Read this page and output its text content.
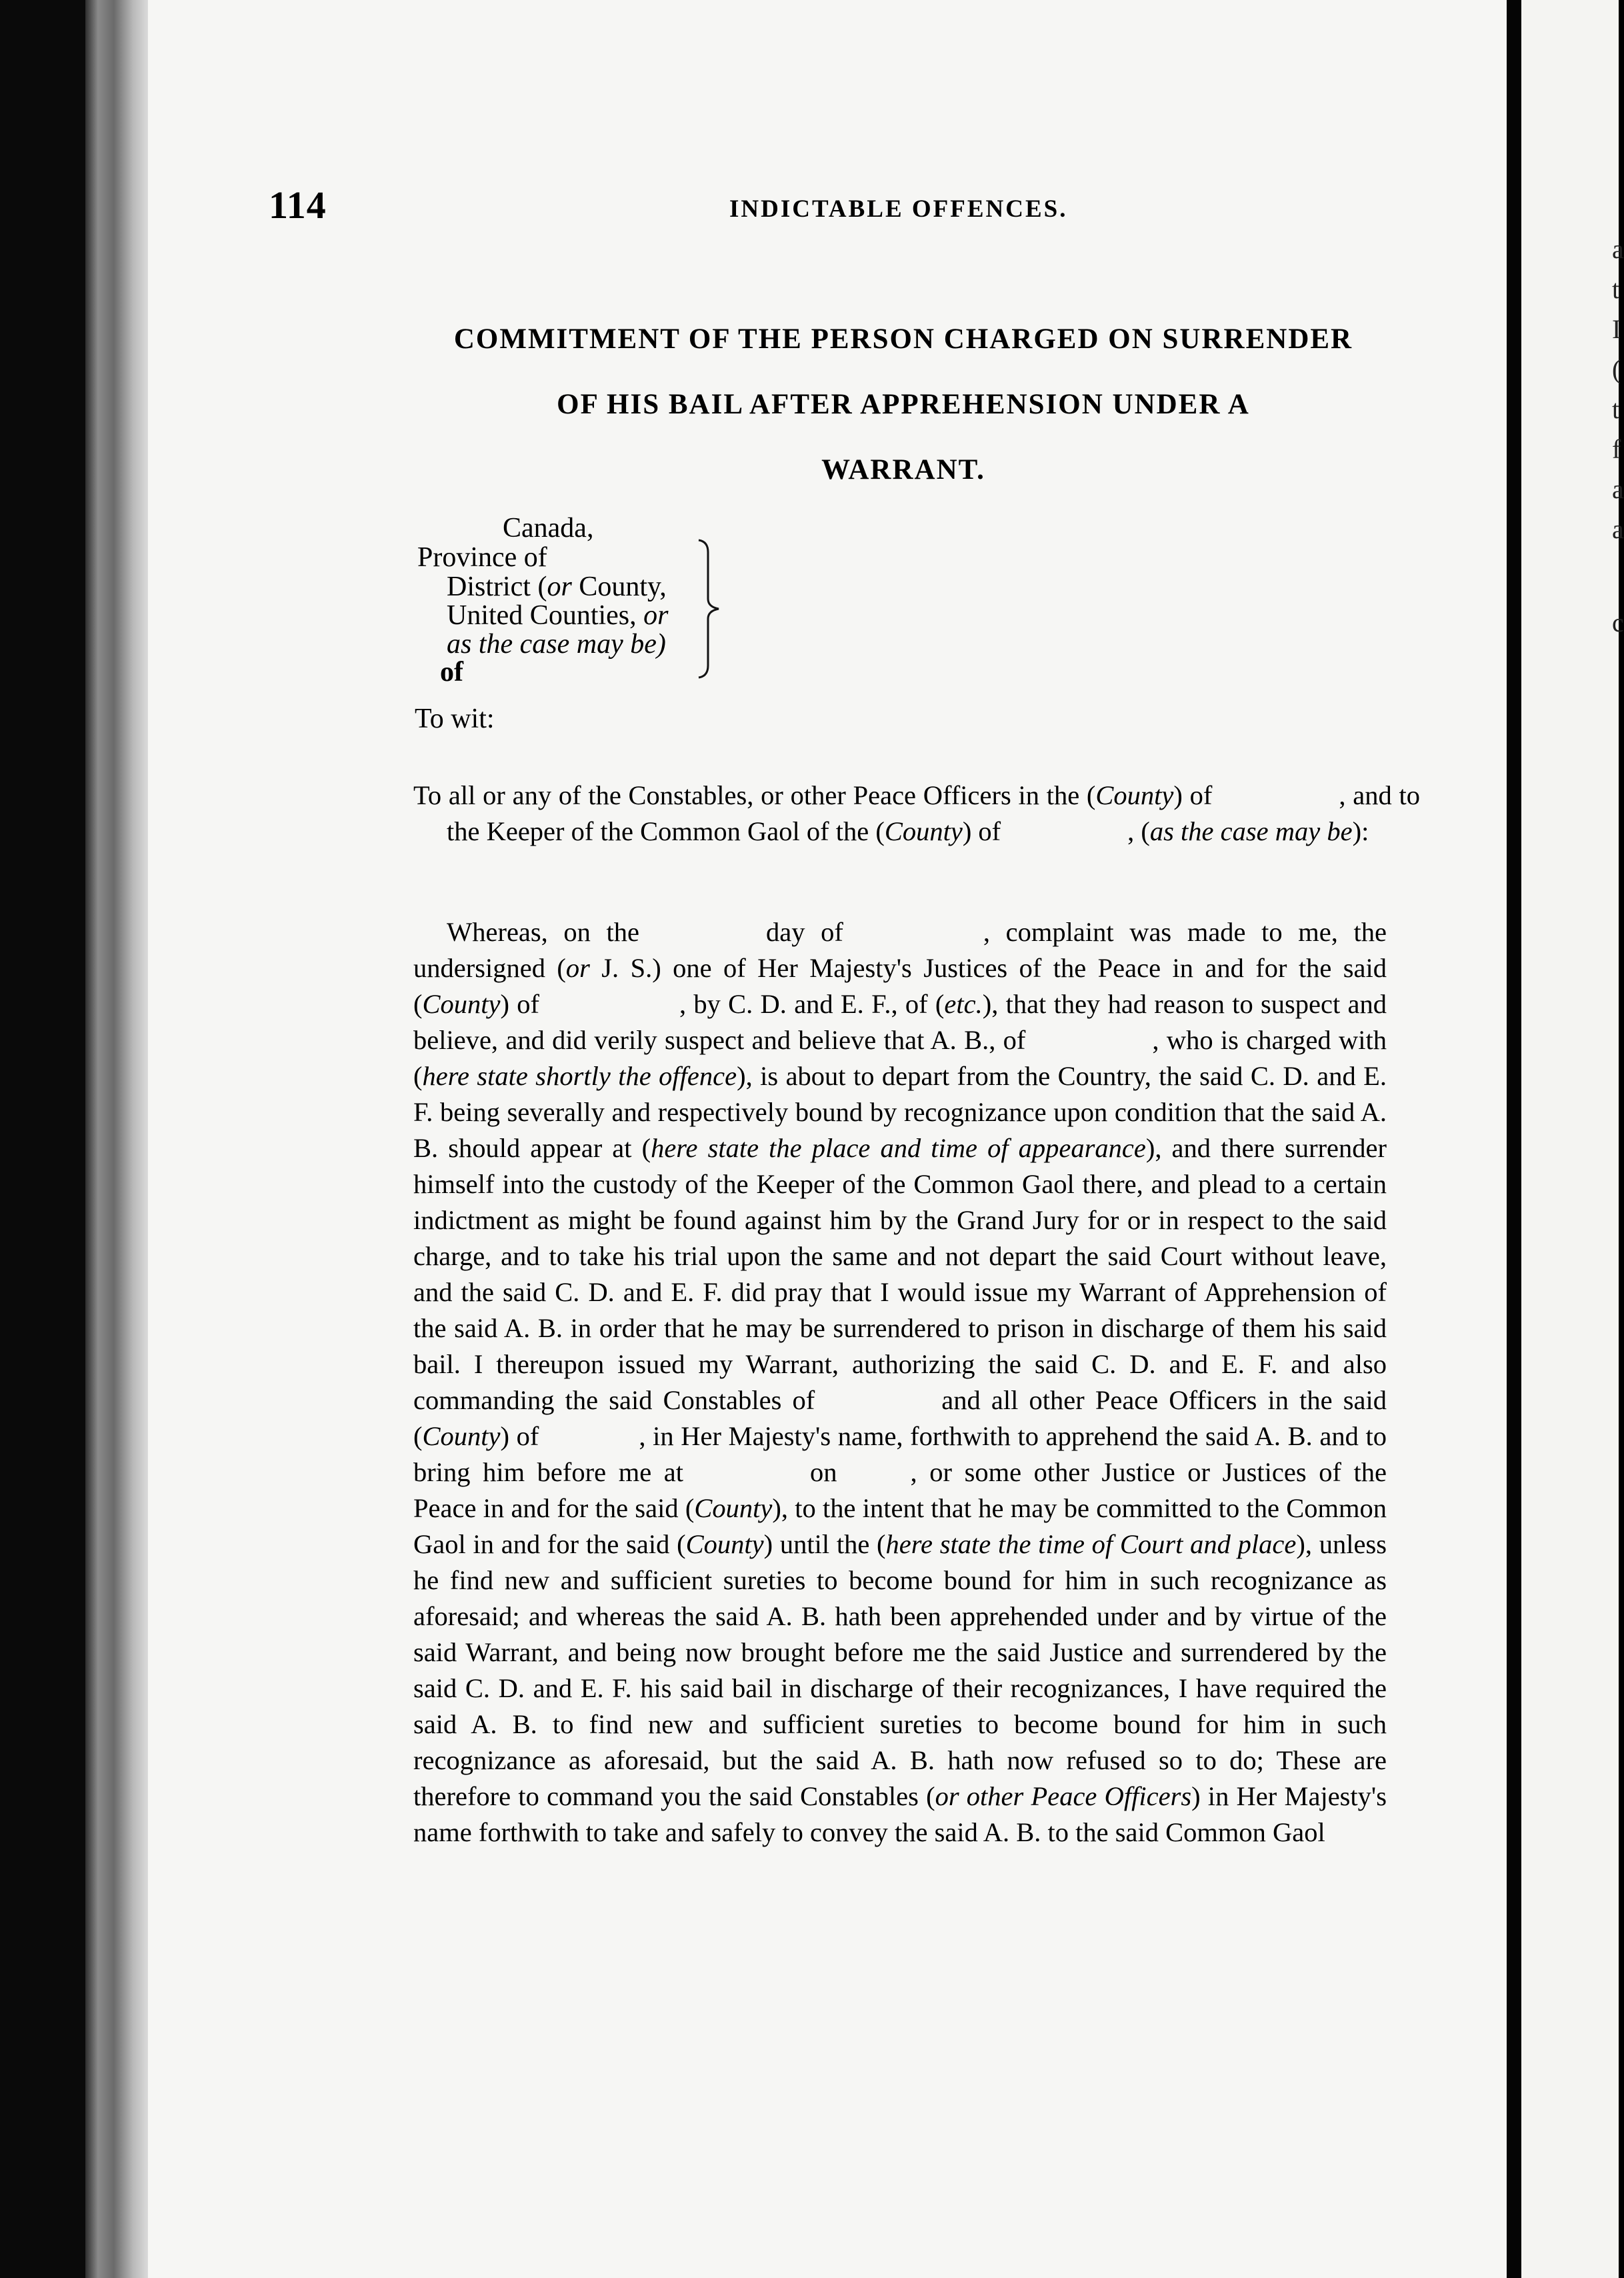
a
t
I
(
t
f
a
a
c
114	INDICTABLE OFFENCES.
COMMITMENT OF THE PERSON CHARGED ON SURRENDER
OF HIS BAIL AFTER APPREHENSION UNDER A
WARRANT.
Canada,
Province of
District (or County,
United Counties, or
as the case may be)
of
To wit:

To all or any of the Constables, or other Peace Officers in the (County) of	, and to the Keeper of the Common Gaol of the (County) of	, (as the case may be):

Whereas, on the	day of	, complaint was made to me, the undersigned (or J. S.) one of Her Majesty's Justices of the Peace in and for the said (County) of	, by C. D. and E. F., of (etc.), that they had reason to suspect and believe, and did verily suspect and believe that A. B., of	, who is charged with (here state shortly the offence), is about to depart from the Country, the said C. D. and E. F. being severally and respectively bound by recognizance upon condition that the said A. B. should appear at (here state the place and time of appearance), and there surrender himself into the custody of the Keeper of the Common Gaol there, and plead to a certain indictment as might be found against him by the Grand Jury for or in respect to the said charge, and to take his trial upon the same and not depart the said Court without leave, and the said C. D. and E. F. did pray that I would issue my Warrant of Apprehension of the said A. B. in order that he may be surrendered to prison in discharge of them his said bail. I thereupon issued my Warrant, authorizing the said C. D. and E. F. and also commanding the said Constables of	and all other Peace Officers in the said (County) of	, in Her Majesty's name, forthwith to apprehend the said A. B. and to bring him before me at	on	, or some other Justice or Justices of the Peace in and for the said (County), to the intent that he may be committed to the Common Gaol in and for the said (County) until the (here state the time of Court and place), unless he find new and sufficient sureties to become bound for him in such recognizance as aforesaid; and whereas the said A. B. hath been apprehended under and by virtue of the said Warrant, and being now brought before me the said Justice and surrendered by the said C. D. and E. F. his said bail in discharge of their recognizances, I have required the said A. B. to find new and sufficient sureties to become bound for him in such recognizance as aforesaid, but the said A. B. hath now refused so to do; These are therefore to command you the said Constables (or other Peace Officers) in Her Majesty's name forthwith to take and safely to convey the said A. B. to the said Common Gaol
